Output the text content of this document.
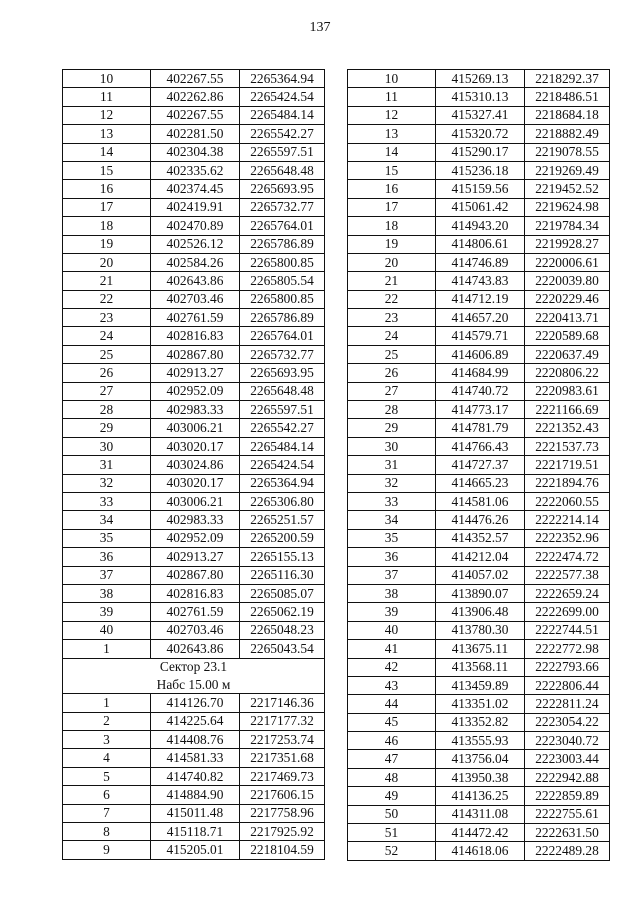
137
10	402267.55	2265364.94
11	402262.86	2265424.54
12	402267.55	2265484.14
13	402281.50	2265542.27
14	402304.38	2265597.51
15	402335.62	2265648.48
16	402374.45	2265693.95
17	402419.91	2265732.77
18	402470.89	2265764.01
19	402526.12	2265786.89
20	402584.26	2265800.85
21	402643.86	2265805.54
22	402703.46	2265800.85
23	402761.59	2265786.89
24	402816.83	2265764.01
25	402867.80	2265732.77
26	402913.27	2265693.95
27	402952.09	2265648.48
28	402983.33	2265597.51
29	403006.21	2265542.27
30	403020.17	2265484.14
31	403024.86	2265424.54
32	403020.17	2265364.94
33	403006.21	2265306.80
34	402983.33	2265251.57
35	402952.09	2265200.59
36	402913.27	2265155.13
37	402867.80	2265116.30
38	402816.83	2265085.07
39	402761.59	2265062.19
40	402703.46	2265048.23
1	402643.86	2265043.54
Сектор 23.1		
Набс 15.00 м		
1	414126.70	2217146.36
2	414225.64	2217177.32
3	414408.76	2217253.74
4	414581.33	2217351.68
5	414740.82	2217469.73
6	414884.90	2217606.15
7	415011.48	2217758.96
8	415118.71	2217925.92
9	415205.01	2218104.59
10	415269.13	2218292.37
11	415310.13	2218486.51
12	415327.41	2218684.18
13	415320.72	2218882.49
14	415290.17	2219078.55
15	415236.18	2219269.49
16	415159.56	2219452.52
17	415061.42	2219624.98
18	414943.20	2219784.34
19	414806.61	2219928.27
20	414746.89	2220006.61
21	414743.83	2220039.80
22	414712.19	2220229.46
23	414657.20	2220413.71
24	414579.71	2220589.68
25	414606.89	2220637.49
26	414684.99	2220806.22
27	414740.72	2220983.61
28	414773.17	2221166.69
29	414781.79	2221352.43
30	414766.43	2221537.73
31	414727.37	2221719.51
32	414665.23	2221894.76
33	414581.06	2222060.55
34	414476.26	2222214.14
35	414352.57	2222352.96
36	414212.04	2222474.72
37	414057.02	2222577.38
38	413890.07	2222659.24
39	413906.48	2222699.00
40	413780.30	2222744.51
41	413675.11	2222772.98
42	413568.11	2222793.66
43	413459.89	2222806.44
44	413351.02	2222811.24
45	413352.82	2223054.22
46	413555.93	2223040.72
47	413756.04	2223003.44
48	413950.38	2222942.88
49	414136.25	2222859.89
50	414311.08	2222755.61
51	414472.42	2222631.50
52	414618.06	2222489.28
